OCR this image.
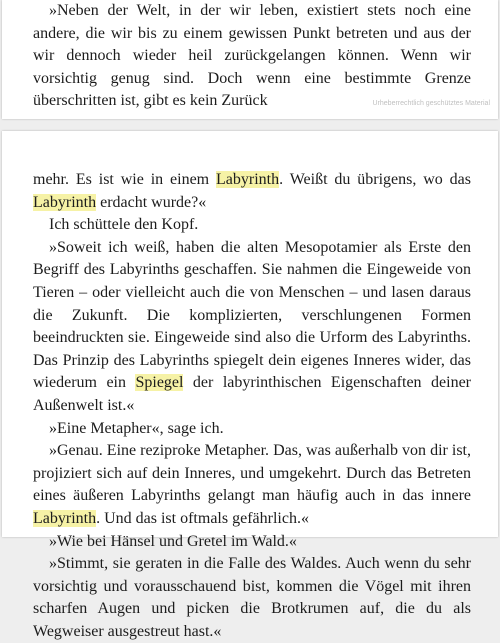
»Neben der Welt, in der wir leben, existiert stets noch eine andere, die wir bis zu einem gewissen Punkt betreten und aus der wir dennoch wieder heil zurückgelangen können. Wenn wir vorsichtig genug sind. Doch wenn eine bestimmte Grenze überschritten ist, gibt es kein Zurück	Urheberrechtlich geschütztes Material

mehr. Es ist wie in einem Labyrinth. Weißt du übrigens, wo das Labyrinth erdacht wurde?«

Ich schüttele den Kopf.

»Soweit ich weiß, haben die alten Mesopotamier als Erste den Begriff des Labyrinths geschaffen. Sie nahmen die Eingeweide von Tieren – oder vielleicht auch die von Menschen – und lasen daraus die Zukunft. Die komplizierten, verschlungenen Formen beeindruckten sie. Eingeweide sind also die Urform des Labyrinths. Das Prinzip des Labyrinths spiegelt dein eigenes Inneres wider, das wiederum ein Spiegel der labyrinthischen Eigenschaften deiner Außenwelt ist.«

»Eine Metapher«, sage ich.

»Genau. Eine reziproke Metapher. Das, was außerhalb von dir ist, projiziert sich auf dein Inneres, und umgekehrt. Durch das Betreten eines äußeren Labyrinths gelangt man häufig auch in das innere Labyrinth. Und das ist oftmals gefährlich.«

»Wie bei Hänsel und Gretel im Wald.«

»Stimmt, sie geraten in die Falle des Waldes. Auch wenn du sehr vorsichtig und vorausschauend bist, kommen die Vögel mit ihren scharfen Augen und picken die Brotkrumen auf, die du als Wegweiser ausgestreut hast.«
